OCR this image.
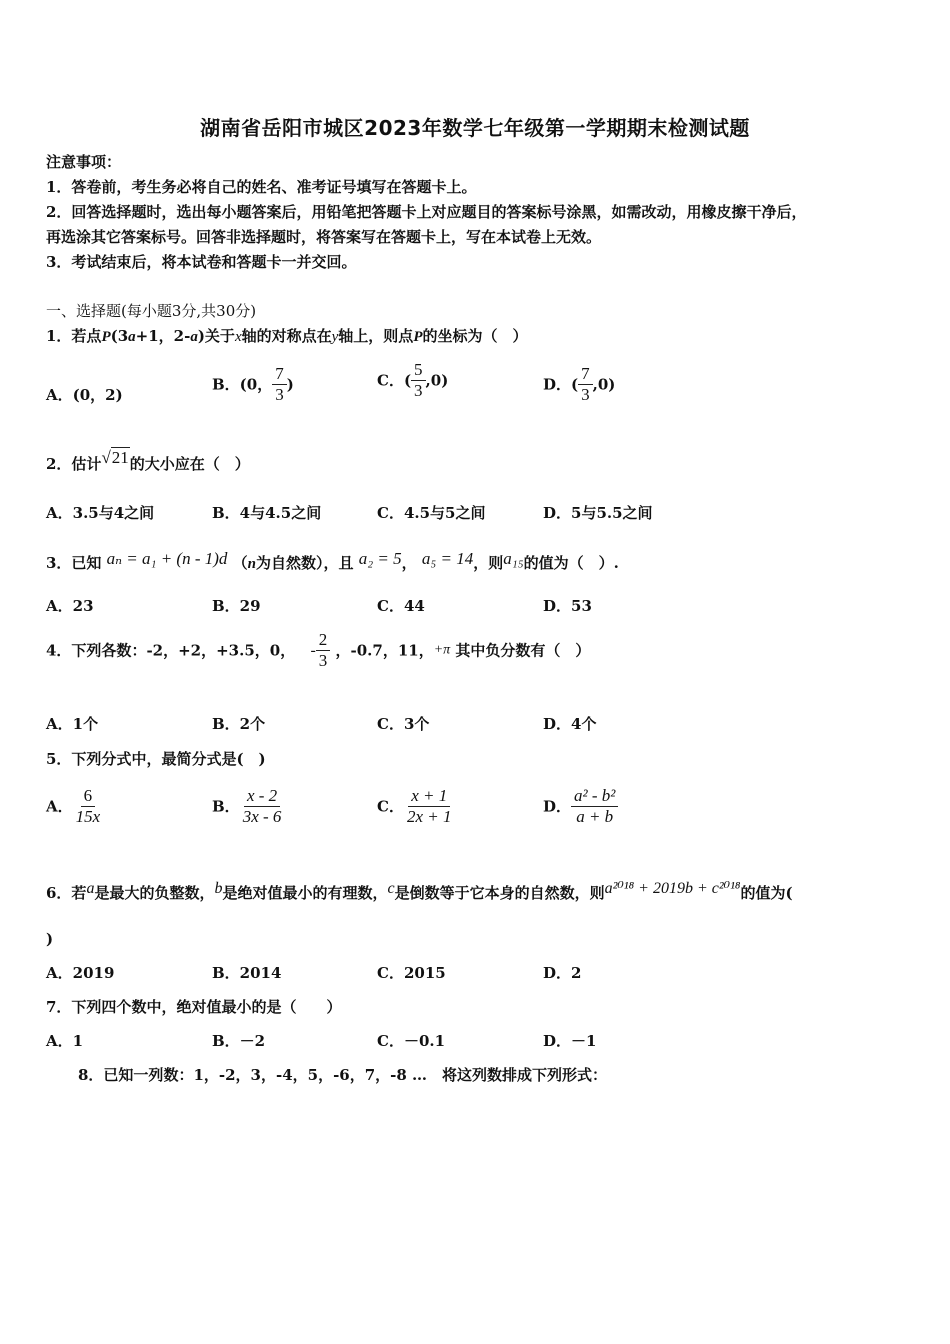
湖南省岳阳市城区2023年数学七年级第一学期期末检测试题
注意事项：
1．答卷前，考生务必将自己的姓名、准考证号填写在答题卡上。
2．回答选择题时，选出每小题答案后，用铅笔把答题卡上对应题目的答案标号涂黑，如需改动，用橡皮擦干净后，
再选涂其它答案标号。回答非选择题时，将答案写在答题卡上，写在本试卷上无效。
3．考试结束后，将本试卷和答题卡一并交回。
一、选择题(每小题3分,共30分)
1．若点P(3a+1，2-a)关于x轴的对称点在y轴上，则点P的坐标为（　）
A．(0，2)
B．(0， $\frac{7}{3}$ )	C．( $\frac{5}{3} ,0$)	D．( $\frac{7}{3} ,0$)
2．估计√21的大小应在（　）
A．3.5与4之间	B．4与4.5之间	C．4.5与5之间	D．5与5.5之间
3．已知 aₙ = a₁ + (n - 1)d （n为自然数），且 a₂ = 5， a₅ = 14，则a₁₅的值为（　）.
A．23	B．29	C．44	D．53
4．下列各数：-2，+2，+3.5，0， - $\frac{2}{3}$ ，-0.7，11，+π 其中负分数有（　）
A．1个	B．2个	C．3个	D．4个
5．下列分式中，最简分式是(　)
A． $\frac{6}{15x}$	B． $\frac{x - 2}{3x - 6}$	C． $\frac{x + 1}{2x + 1}$	D． $\frac{\text{a² - b²}}{a + b}$
6．若a是最大的负整数，b是绝对值最小的有理数，c是倒数等于它本身的自然数，则a²⁰¹⁸ + 2019b + c²⁰¹⁸的值为(
)
A．2019	B．2014	C．2015	D．2
7．下列四个数中，绝对值最小的是（　　）
A．1	B．－2	C．－0.1	D．－1
8．已知一列数：1，-2，3，-4，5，-6，7，-8 …　将这列数排成下列形式：
